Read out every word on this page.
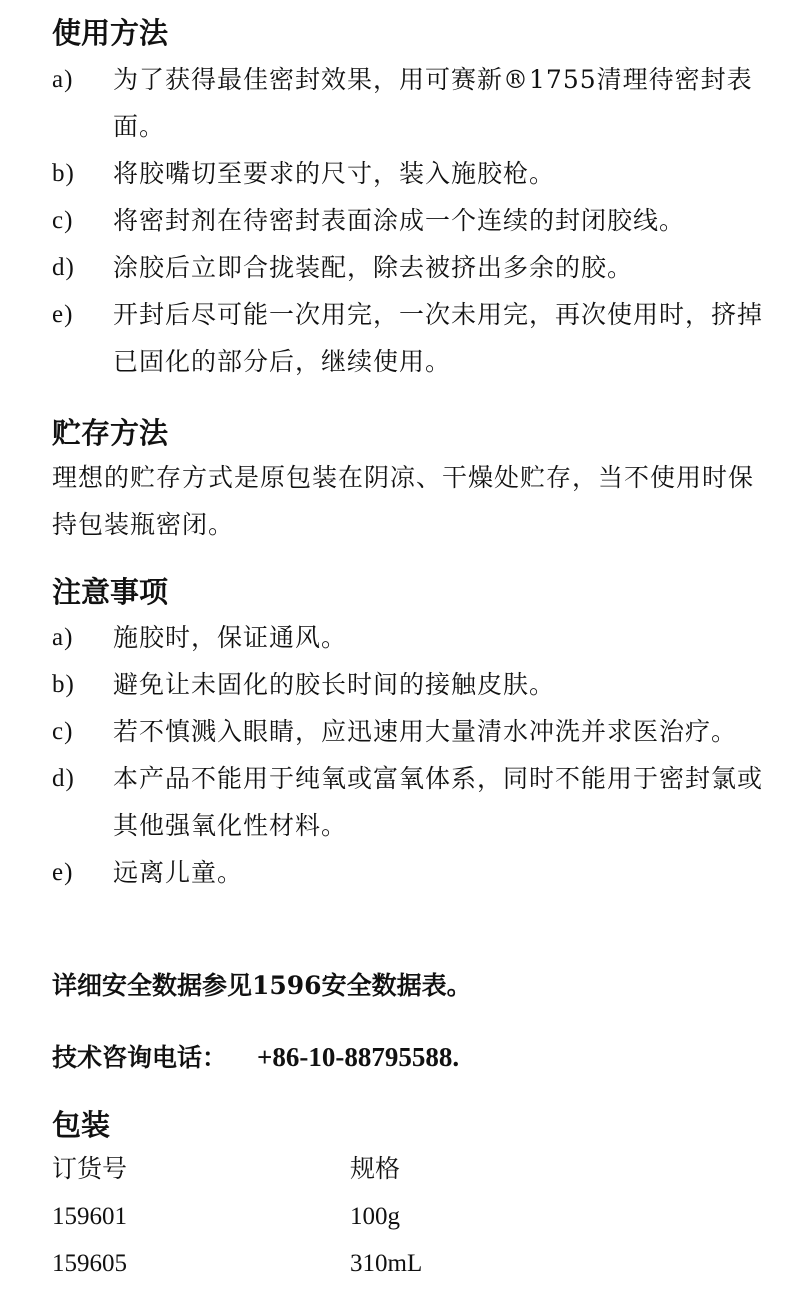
使用方法
a)	为了获得最佳密封效果，用可赛新®1755清理待密封表面。
b)	将胶嘴切至要求的尺寸，装入施胶枪。
c)	将密封剂在待密封表面涂成一个连续的封闭胶线。
d)	涂胶后立即合拢装配，除去被挤出多余的胶。
e)	开封后尽可能一次用完，一次未用完，再次使用时，挤掉已固化的部分后，继续使用。
贮存方法

理想的贮存方式是原包装在阴凉、干燥处贮存，当不使用时保持包装瓶密闭。

注意事项
a)	施胶时，保证通风。
b)	避免让未固化的胶长时间的接触皮肤。
c)	若不慎溅入眼睛，应迅速用大量清水冲洗并求医治疗。
d)	本产品不能用于纯氧或富氧体系，同时不能用于密封氯或其他强氧化性材料。
e)	远离儿童。

详细安全数据参见1596安全数据表。

技术咨询电话： +86-10-88795588.

包装
订货号	规格
159601	100g
159605	310mL
